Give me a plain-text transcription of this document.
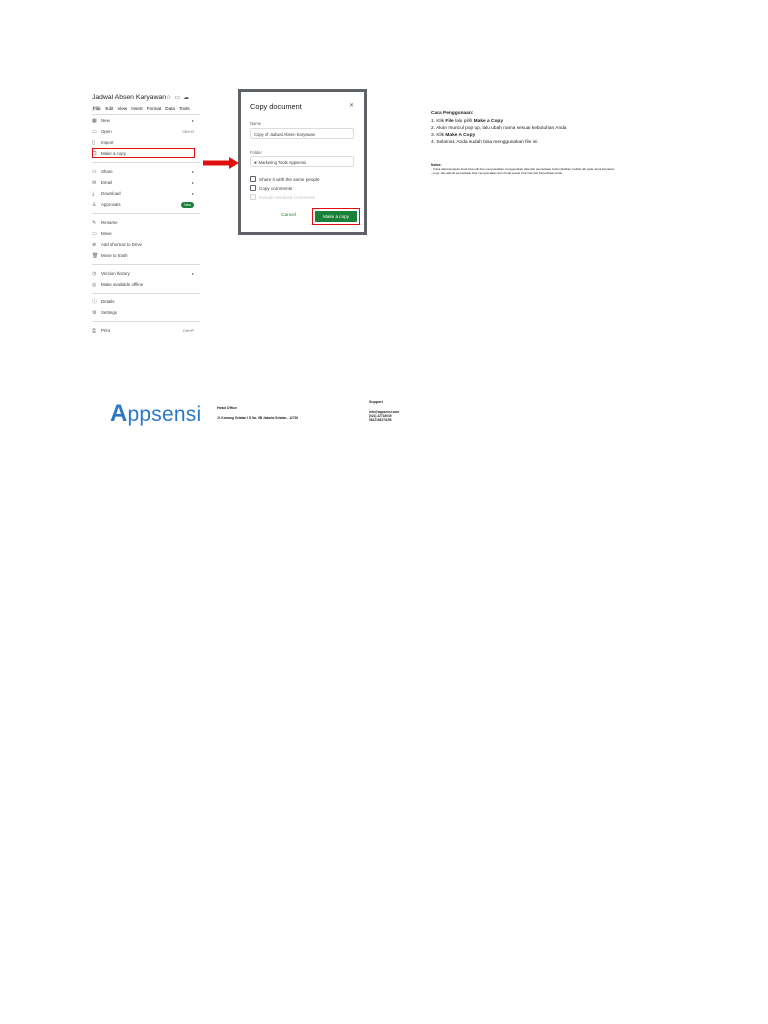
Jadwal Absen Karyawan ☆▭☁
File Edit View Insert Format Data Tools
▦ New	▸
▭ Open	Ctrl+O
▯	Import
❐	Make a copy
⚇	Share	▸
✉	Email	▸
⤓	Download	▸
♙	Approvals	New
✎	Rename
▭ Move
⊕	Add shortcut to Drive
🗑 Move to trash
◷	Version history	▸
◎	Make available offline
ⓘ Details
⚙	Settings
⎙	Print	Ctrl+P
Copy document	✕
Name
Copy of Jadwal Absen Karyawan
Folder
■ Marketing Tools Appsensi
Share it with the same people
Copy comments
Include resolved comments
Cancel	Make a copy
Cara Penggunaan:
1. Klik File lalu pilih Make a Copy
2. Akan muncul pop up, lalu ubah nama sesuai kebutuhan Anda
3. Klik Make A Copy
4. Selamat, Anda sudah bisa menggunakan file ini
Notes:
- Untuk data karyawan Anda bisa edit dan menyesuaikan menggunakan data dari perusahaan Anda (silahkan melihat tab pada nama karyawan
- Logo, dan alamat perusahaan bisa menyesuaikan dan di edit sesuai informasi dari Perusahaan Anda
Appsensi	Head Office
Jl. Kemang Selatan I D No. 9B Jakarta Selatan - 12730
Support
info@appsensi.com
(021) 22718039
08121851TSZB
